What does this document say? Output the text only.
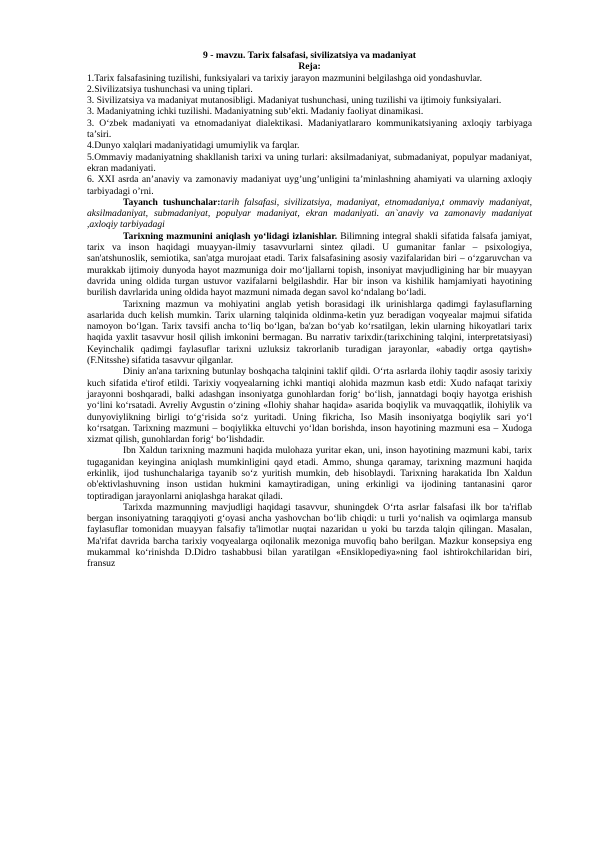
9 - mavzu. Tarix falsafasi, sivilizatsiya va madaniyat

Reja:

1.Tarix falsafasining tuzilishi, funksiyalari va tarixiy jarayon mazmunini belgilashga oid yondashuvlar.

2.Sivilizatsiya tushunchasi va uning tiplari.

3. Sivilizatsiya va madaniyat mutanosibligi. Madaniyat tushunchasi, uning tuzilishi va ijtimoiy funksiyalari.

3. Madaniyatning ichki tuzilishi. Madaniyatning sub’ekti. Madaniy faoliyat dinamikasi.

3. O‘zbek madaniyati va etnomadaniyat dialektikasi. Madaniyatlararo kommunikatsiyaning axloqiy tarbiyaga ta’siri.

4.Dunyo xalqlari madaniyatidagi umumiylik va farqlar.

5.Ommaviy madaniyatning shakllanish tarixi va uning turlari: aksilmadaniyat, submadaniyat, populyar madaniyat, ekran madaniyati.

6. XXI asrda an’anaviy va zamonaviy madaniyat uyg’ung’unligini ta’minlashning ahamiyati va ularning axloqiy tarbiyadagi o’rni.

Tayanch tushunchalar:tarih falsafasi, sivilizatsiya, madaniyat, etnomadaniya,t ommaviy madaniyat, aksilmadaniyat, submadaniyat, populyar madaniyat, ekran madaniyati. an`anaviy va zamonaviy madaniyat ,axloqiy tarbiyadagi

Tarixning mazmunini aniqlash yo‘lidagi izlanishlar. Bilimning integral shakli sifatida falsafa jamiyat, tarix va inson haqidagi muayyan-ilmiy tasavvurlarni sintez qiladi. U gumanitar fanlar – psixologiya, san'atshunoslik, semiotika, san'atga murojaat etadi. Tarix falsafasining asosiy vazifalaridan biri – o‘zgaruvchan va murakkab ijtimoiy dunyoda hayot mazmuniga doir mo‘ljallarni topish, insoniyat mavjudligining har bir muayyan davrida uning oldida turgan ustuvor vazifalarni belgilashdir. Har bir inson va kishilik hamjamiyati hayotining burilish davrlarida uning oldida hayot mazmuni nimada degan savol ko‘ndalang bo‘ladi.

Tarixning mazmun va mohiyatini anglab yetish borasidagi ilk urinishlarga qadimgi faylasuflarning asarlarida duch kelish mumkin. Tarix ularning talqinida oldinma-ketin yuz beradigan voqyealar majmui sifatida namoyon bo‘lgan. Tarix tavsifi ancha to‘liq bo‘lgan, ba'zan bo‘yab ko‘rsatilgan, lekin ularning hikoyatlari tarix haqida yaxlit tasavvur hosil qilish imkonini bermagan. Bu narrativ tarixdir.(tarixchining talqini, interpretatsiyasi) Keyinchalik qadimgi faylasuflar tarixni uzluksiz takrorlanib turadigan jarayonlar, «abadiy ortga qaytish» (F.Nitsshe) sifatida tasavvur qilganlar.

Diniy an'ana tarixning butunlay boshqacha talqinini taklif qildi. O‘rta asrlarda ilohiy taqdir asosiy tarixiy kuch sifatida e'tirof etildi. Tarixiy voqyealarning ichki mantiqi alohida mazmun kasb etdi: Xudo nafaqat tarixiy jarayonni boshqaradi, balki adashgan insoniyatga gunohlardan forig‘ bo‘lish, jannatdagi boqiy hayotga erishish yo‘lini ko‘rsatadi. Avreliy Avgustin o‘zining «Ilohiy shahar haqida» asarida boqiylik va muvaqqatlik, ilohiylik va dunyoviylikning birligi to‘g‘risida so‘z yuritadi. Uning fikricha, Iso Masih insoniyatga boqiylik sari yo‘l ko‘rsatgan. Tarixning mazmuni – boqiylikka eltuvchi yo‘ldan borishda, inson hayotining mazmuni esa – Xudoga xizmat qilish, gunohlardan forig‘ bo‘lishdadir.

Ibn Xaldun tarixning mazmuni haqida mulohaza yuritar ekan, uni, inson hayotining mazmuni kabi, tarix tugaganidan keyingina aniqlash mumkinligini qayd etadi. Ammo, shunga qaramay, tarixning mazmuni haqida erkinlik, ijod tushunchalariga tayanib so‘z yuritish mumkin, deb hisoblaydi. Tarixning harakatida Ibn Xaldun ob'ektivlashuvning inson ustidan hukmini kamaytiradigan, uning erkinligi va ijodining tantanasini qaror toptiradigan jarayonlarni aniqlashga harakat qiladi.

Tarixda mazmunning mavjudligi haqidagi tasavvur, shuningdek O‘rta asrlar falsafasi ilk bor ta'riflab bergan insoniyatning taraqqiyoti g‘oyasi ancha yashovchan bo‘lib chiqdi: u turli yo‘nalish va oqimlarga mansub faylasuflar tomonidan muayyan falsafiy ta'limotlar nuqtai nazaridan u yoki bu tarzda talqin qilingan. Masalan, Ma'rifat davrida barcha tarixiy voqyealarga oqilonalik mezoniga muvofiq baho berilgan. Mazkur konsepsiya eng mukammal ko‘rinishda D.Didro tashabbusi bilan yaratilgan «Ensiklopediya»ning faol ishtirokchilaridan biri, fransuz
